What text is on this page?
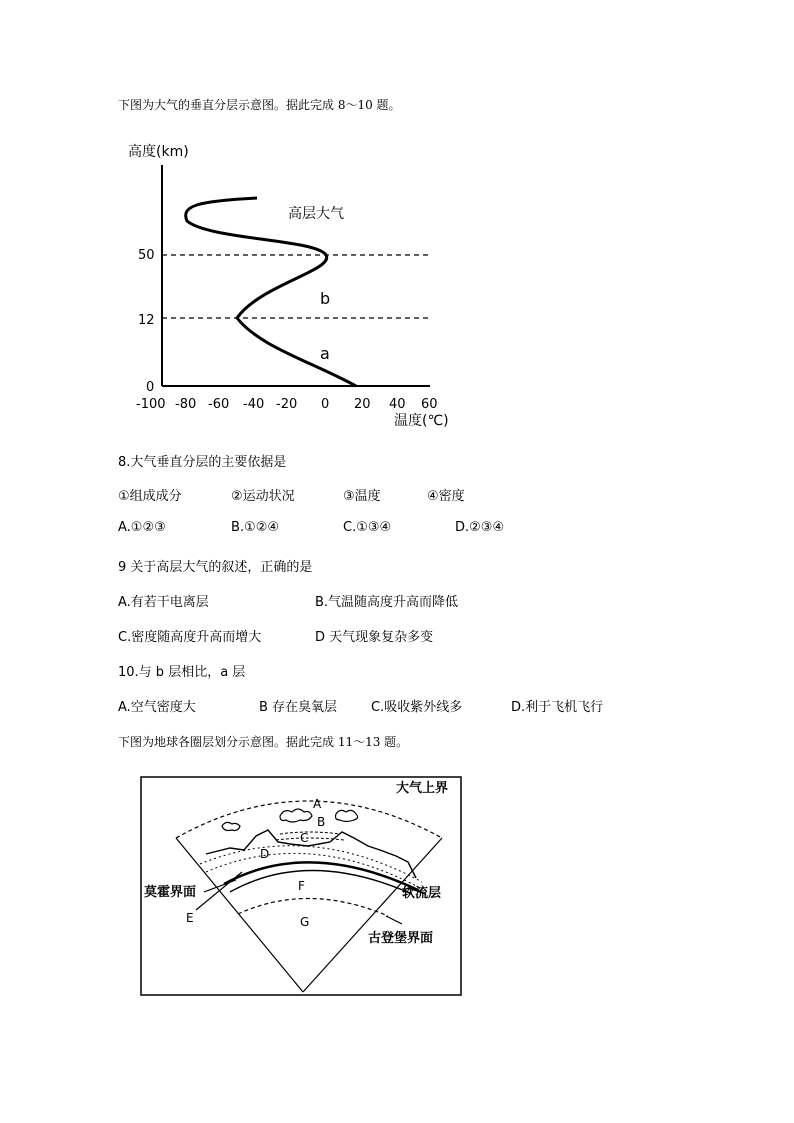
下图为大气的垂直分层示意图。据此完成 8～10 题。
高度(km)
50
12
0
高层大气
b
a
-100 -80 -60 -40 -20 0 20 40 60
温度(℃)
8.大气垂直分层的主要依据是
①组成成分	②运动状况	③温度	④密度
A.①②③	B.①②④	C.①③④	D.②③④
9 关于高层大气的叙述，正确的是
A.有若干电离层	B.气温随高度升高而降低
C.密度随高度升高而增大	D 天气现象复杂多变
10.与 b 层相比，a 层
A.空气密度大	B 存在臭氧层	C.吸收紫外线多	D.利于飞机飞行
下图为地球各圈层划分示意图。据此完成 11～13 题。
大气上界
A
B
C
D
E
F
G
莫霍界面	软流层
古登堡界面
